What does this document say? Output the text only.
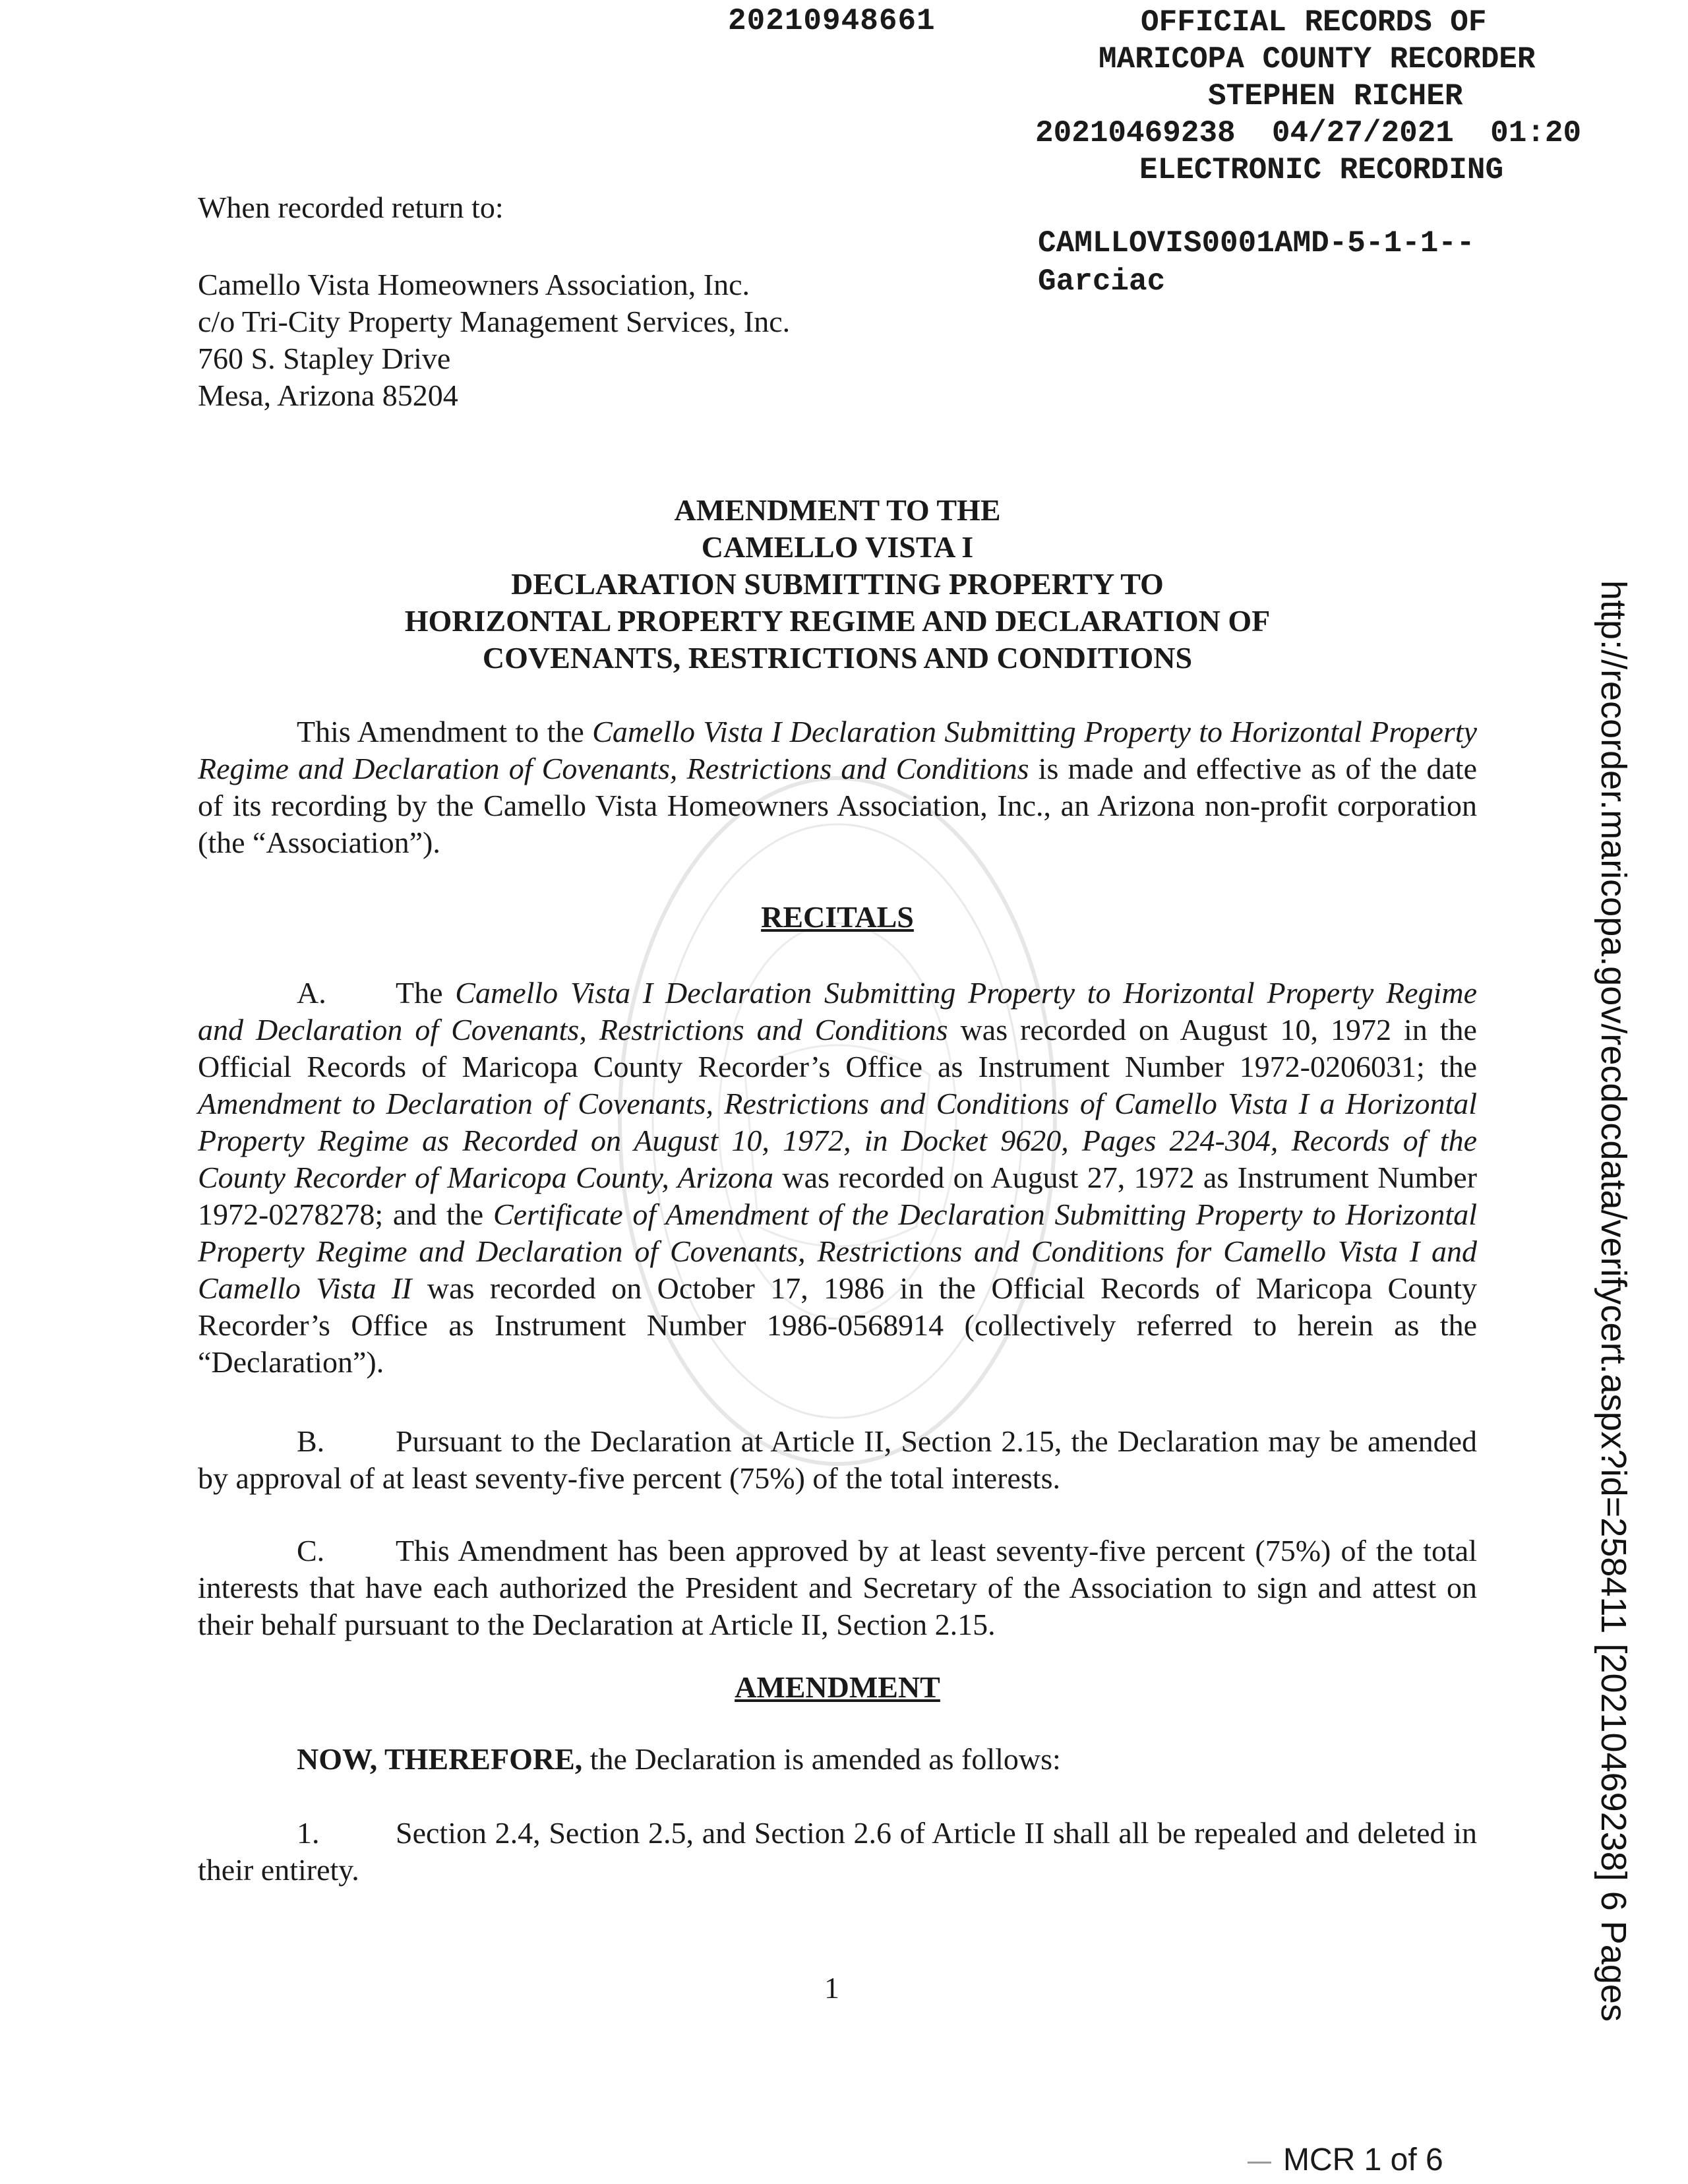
20210948661	OFFICIAL RECORDS OF
MARICOPA COUNTY RECORDER
STEPHEN RICHER
20210469238  04/27/2021  01:20
ELECTRONIC RECORDING
CAMLLOVIS0001AMD-5-1-1--
Garciac
When recorded return to:
Camello Vista Homeowners Association, Inc.
c/o Tri-City Property Management Services, Inc.
760 S. Stapley Drive
Mesa, Arizona 85204
AMENDMENT TO THE
CAMELLO VISTA I
DECLARATION SUBMITTING PROPERTY TO
HORIZONTAL PROPERTY REGIME AND DECLARATION OF
COVENANTS, RESTRICTIONS AND CONDITIONS
This Amendment to the Camello Vista I Declaration Submitting Property to Horizontal Property Regime and Declaration of Covenants, Restrictions and Conditions is made and effective as of the date of its recording by the Camello Vista Homeowners Association, Inc., an Arizona non-profit corporation (the “Association”).
RECITALS
A. The Camello Vista I Declaration Submitting Property to Horizontal Property Regime and Declaration of Covenants, Restrictions and Conditions was recorded on August 10, 1972 in the Official Records of Maricopa County Recorder’s Office as Instrument Number 1972-0206031; the Amendment to Declaration of Covenants, Restrictions and Conditions of Camello Vista I a Horizontal Property Regime as Recorded on August 10, 1972, in Docket 9620, Pages 224-304, Records of the County Recorder of Maricopa County, Arizona was recorded on August 27, 1972 as Instrument Number 1972-0278278; and the Certificate of Amendment of the Declaration Submitting Property to Horizontal Property Regime and Declaration of Covenants, Restrictions and Conditions for Camello Vista I and Camello Vista II was recorded on October 17, 1986 in the Official Records of Maricopa County Recorder’s Office as Instrument Number 1986-0568914 (collectively referred to herein as the “Declaration”).
B. Pursuant to the Declaration at Article II, Section 2.15, the Declaration may be amended by approval of at least seventy-five percent (75%) of the total interests.
C. This Amendment has been approved by at least seventy-five percent (75%) of the total interests that have each authorized the President and Secretary of the Association to sign and attest on their behalf pursuant to the Declaration at Article II, Section 2.15.
AMENDMENT
NOW, THEREFORE, the Declaration is amended as follows:
1.	Section 2.4, Section 2.5, and Section 2.6 of Article II shall all be repealed and deleted in their entirety.
1	http://recorder.maricopa.gov/recdocdata/verifycert.aspx?id=258411 [20210469238] 6 Pages
MCR 1 of 6
